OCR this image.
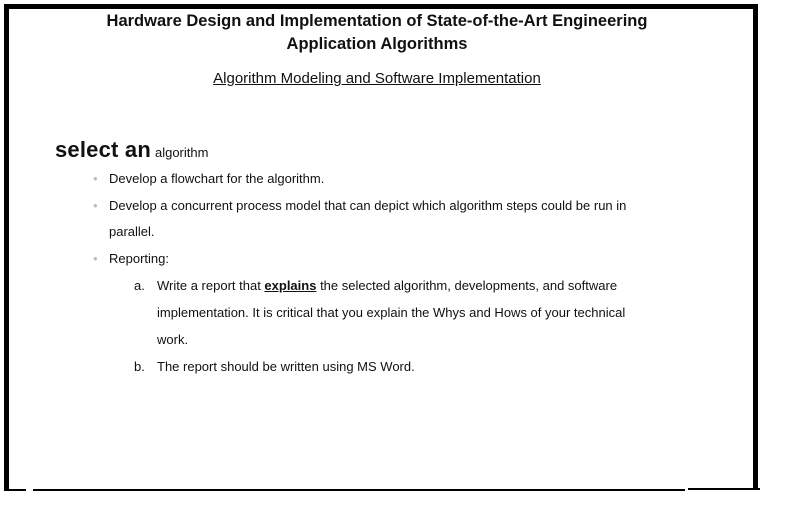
Hardware Design and Implementation of State-of-the-Art Engineering
Application Algorithms
Algorithm Modeling and Software Implementation
select an algorithm
• Develop a flowchart for the algorithm.
• Develop a concurrent process model that can depict which algorithm steps could be run in
parallel.
• Reporting:
a. Write a report that explains the selected algorithm, developments, and software
implementation. It is critical that you explain the Whys and Hows of your technical
work.
b. The report should be written using MS Word.
